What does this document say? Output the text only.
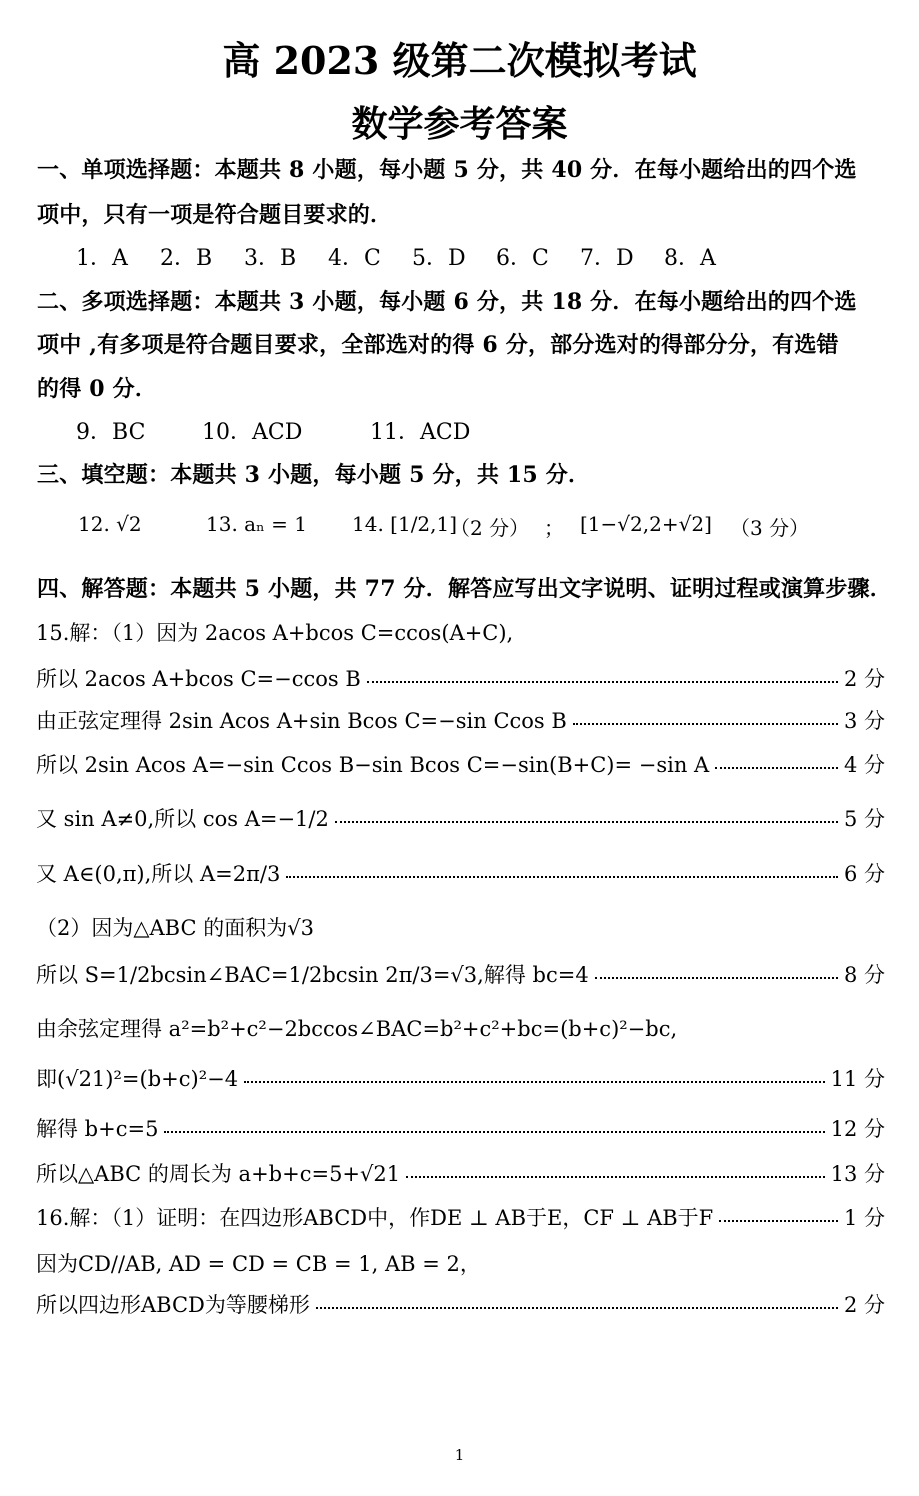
高 2023 级第二次模拟考试
数学参考答案
一、单项选择题：本题共 8 小题，每小题 5 分，共 40 分．在每小题给出的四个选
项中，只有一项是符合题目要求的．
1．A 2．B 3．B 4．C 5．D 6．C 7．D 8．A
二、多项选择题：本题共 3 小题，每小题 6 分，共 18 分．在每小题给出的四个选
项中 ,有多项是符合题目要求，全部选对的得 6 分，部分选对的得部分分，有选错
的得 0 分．
9．BC	10．ACD	11．ACD
三、填空题：本题共 3 小题，每小题 5 分，共 15 分．
12. √2	13. aₙ = 1 14. [1/2,1]
（2 分） ； [1−√2,2+√2] （3 分）
四、解答题：本题共 5 小题，共 77 分．解答应写出文字说明、证明过程或演算步骤．
15.解：（1）因为 2acos A+bcos C=ccos(A+C),
所以 2acos A+bcos C=−ccos B	2 分
由正弦定理得 2sin Acos A+sin Bcos C=−sin Ccos B	3 分
所以 2sin Acos A=−sin Ccos B−sin Bcos C=−sin(B+C)= −sin A	4 分
又 sin A≠0,所以 cos A=−1/2	5 分
又 A∈(0,π),所以 A=2π/3	6 分
（2）因为△ABC 的面积为√3
所以 S=1/2bcsin∠BAC=1/2bcsin 2π/3=√3,解得 bc=4	8 分
由余弦定理得 a²=b²+c²−2bccos∠BAC=b²+c²+bc=(b+c)²−bc,
即(√21)²=(b+c)²−4	11 分
解得 b+c=5	12 分
所以△ABC 的周长为 a+b+c=5+√21	13 分
16.解：（1）证明：在四边形ABCD中，作DE ⊥ AB于E，CF ⊥ AB于F	1 分
因为CD//AB, AD = CD = CB = 1, AB = 2，
所以四边形ABCD为等腰梯形	2 分
1
